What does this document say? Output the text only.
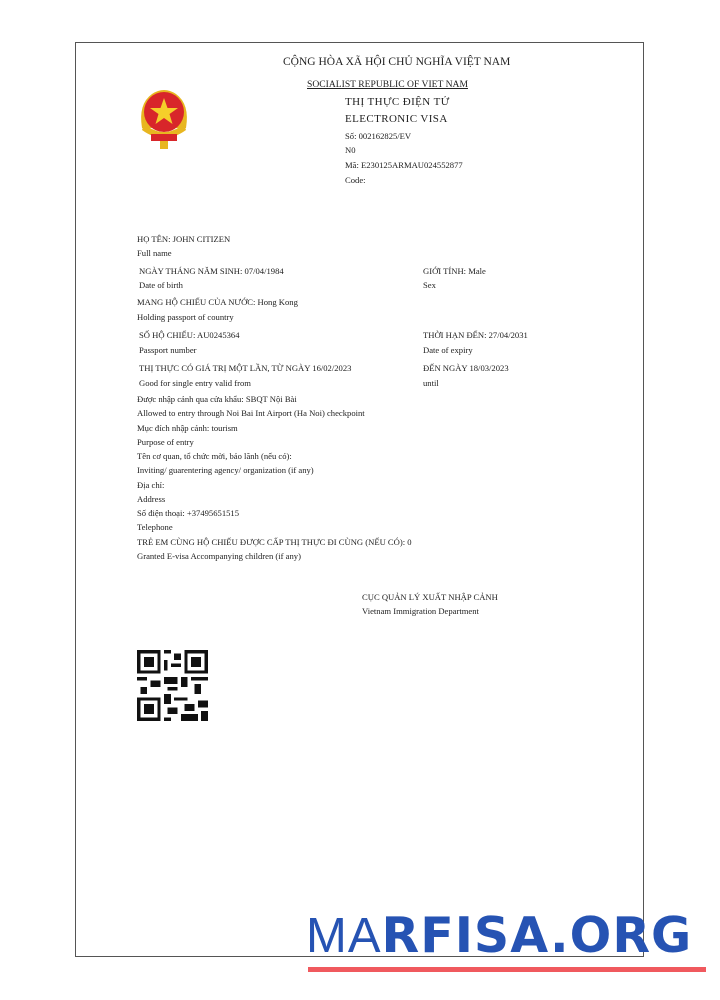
CỘNG HÒA XÃ HỘI CHỦ NGHĨA VIỆT NAM
SOCIALIST REPUBLIC OF VIET NAM
THỊ THỰC ĐIỆN TỬ
ELECTRONIC VISA
Số: 002162825/EV
N0
Mã: E230125ARMAU024552877
Code:
HỌ TÊN: JOHN CITIZEN
Full name
NGÀY THÁNG NĂM SINH: 07/04/1984
Date of birth
GIỚI TÍNH: Male
Sex
MANG HỘ CHIẾU CỦA NƯỚC: Hong Kong
Holding passport of country
SỐ HỘ CHIẾU: AU0245364
Passport number
THỜI HẠN ĐẾN: 27/04/2031
Date of expiry
THỊ THỰC CÓ GIÁ TRỊ MỘT LẦN, TỪ NGÀY 16/02/2023
Good for single entry valid from
ĐẾN NGÀY 18/03/2023
until
Được nhập cảnh qua cửa khẩu: SBQT Nội Bài
Allowed to entry through Noi Bai Int Airport (Ha Noi) checkpoint
Mục đích nhập cảnh: tourism
Purpose of entry
Tên cơ quan, tổ chức mời, bảo lãnh (nếu có):
Inviting/ guarentering agency/ organization (if any)
Địa chỉ:
Address
Số điện thoại: +37495651515
Telephone
TRẺ EM CÙNG HỘ CHIẾU ĐƯỢC CẤP THỊ THỰC ĐI CÙNG (NẾU CÓ): 0
Granted E-visa Accompanying children (if any)
CỤC QUẢN LÝ XUẤT NHẬP CẢNH
Vietnam Immigration Department
MARFISA.ORG
